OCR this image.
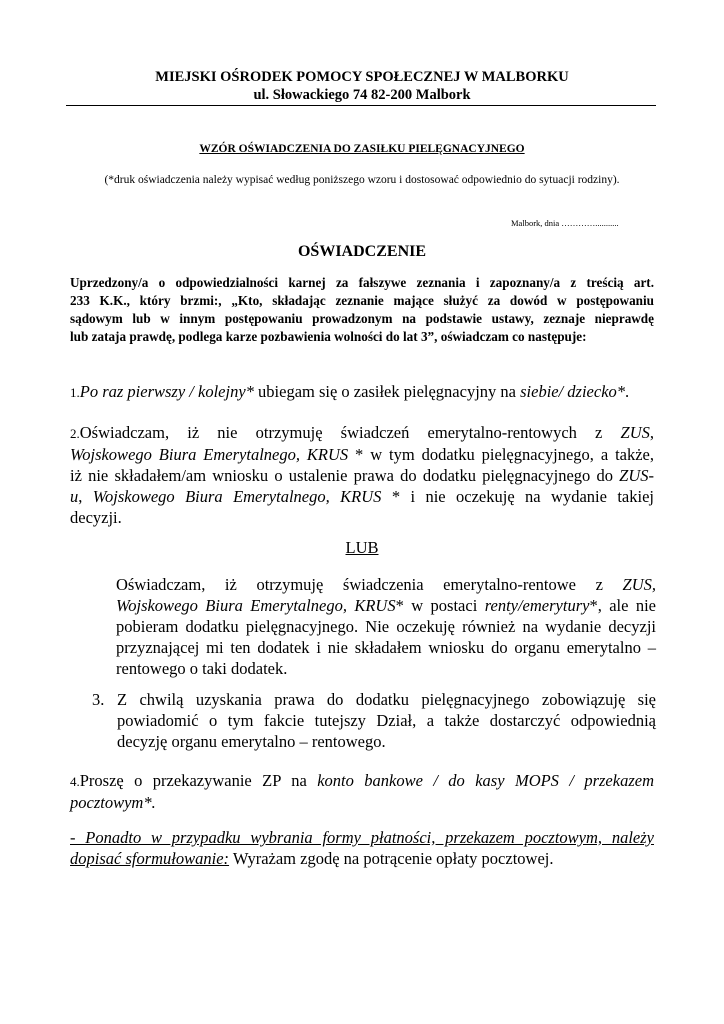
MIEJSKI OŚRODEK POMOCY SPOŁECZNEJ W MALBORKU
ul. Słowackiego 74 82-200 Malbork
WZÓR OŚWIADCZENIA DO ZASIŁKU PIELĘGNACYJNEGO
(*druk oświadczenia należy wypisać według poniższego wzoru i dostosować odpowiednio do sytuacji rodziny).
Malbork, dnia …………...........
OŚWIADCZENIE
Uprzedzony/a o odpowiedzialności karnej za fałszywe zeznania i zapoznany/a z treścią art.
233 K.K., który brzmi:, „Kto, składając zeznanie mające służyć za dowód w postępowaniu
sądowym lub w innym postępowaniu prowadzonym na podstawie ustawy, zeznaje nieprawdę
lub zataja prawdę, podlega karze pozbawienia wolności do lat 3”, oświadczam co następuje:
1.Po raz pierwszy / kolejny* ubiegam się o zasiłek pielęgnacyjny na siebie/ dziecko*.
2.Oświadczam, iż nie otrzymuję świadczeń emerytalno-rentowych z ZUS,
Wojskowego Biura Emerytalnego, KRUS * w tym dodatku pielęgnacyjnego, a także,
iż nie składałem/am wniosku o ustalenie prawa do dodatku pielęgnacyjnego do ZUS-
u, Wojskowego Biura Emerytalnego, KRUS * i nie oczekuję na wydanie takiej
decyzji.
LUB
Oświadczam, iż otrzymuję świadczenia emerytalno-rentowe z ZUS,
Wojskowego Biura Emerytalnego, KRUS* w postaci renty/emerytury*, ale nie
pobieram dodatku pielęgnacyjnego. Nie oczekuję również na wydanie decyzji
przyznającej mi ten dodatek i nie składałem wniosku do organu emerytalno –
rentowego o taki dodatek.
3. Z chwilą uzyskania prawa do dodatku pielęgnacyjnego zobowiązuję się
powiadomić o tym fakcie tutejszy Dział, a także dostarczyć odpowiednią
decyzję organu emerytalno – rentowego.
4.Proszę o przekazywanie ZP na konto bankowe / do kasy MOPS / przekazem
pocztowym*.
- Ponadto w przypadku wybrania formy płatności, przekazem pocztowym, należy
dopisać sformułowanie: Wyrażam zgodę na potrącenie opłaty pocztowej.
